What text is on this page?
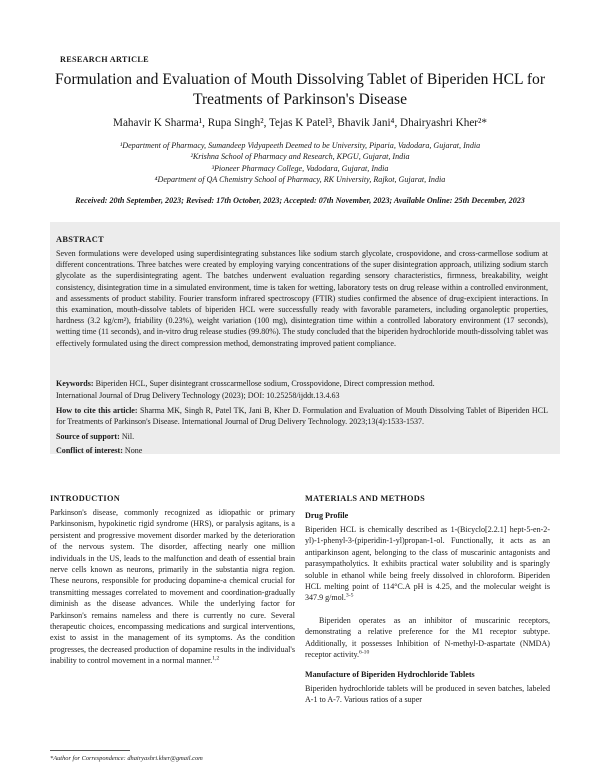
RESEARCH ARTICLE
Formulation and Evaluation of Mouth Dissolving Tablet of Biperiden HCL for Treatments of Parkinson's Disease
Mahavir K Sharma¹, Rupa Singh², Tejas K Patel³, Bhavik Jani⁴, Dhairyashri Kher²*
¹Department of Pharmacy, Sumandeep Vidyapeeth Deemed to be University, Piparia, Vadodara, Gujarat, India
²Krishna School of Pharmacy and Research, KPGU, Gujarat, India
³Pioneer Pharmacy College, Vadodara, Gujarat, India
⁴Department of QA Chemistry School of Pharmacy, RK University, Rajkot, Gujarat, India
Received: 20th September, 2023; Revised: 17th October, 2023; Accepted: 07th November, 2023; Available Online: 25th December, 2023
ABSTRACT
Seven formulations were developed using superdisintegrating substances like sodium starch glycolate, crospovidone, and cross-carmellose sodium at different concentrations. Three batches were created by employing varying concentrations of the super disintegration approach, utilizing sodium starch glycolate as the superdisintegrating agent. The batches underwent evaluation regarding sensory characteristics, firmness, breakability, weight consistency, disintegration time in a simulated environment, time is taken for wetting, laboratory tests on drug release within a controlled environment, and assessments of product stability. Fourier transform infrared spectroscopy (FTIR) studies confirmed the absence of drug-excipient interactions. In this examination, mouth-dissolve tablets of biperiden HCL were successfully ready with favorable parameters, including organoleptic properties, hardness (3.2 kg/cm²), friability (0.23%), weight variation (100 mg), disintegration time within a controlled laboratory environment (17 seconds), wetting time (11 seconds), and in-vitro drug release studies (99.80%). The study concluded that the biperiden hydrochloride mouth-dissolving tablet was effectively formulated using the direct compression method, demonstrating improved patient compliance.
Keywords: Biperiden HCL, Super disintegrant crosscarmellose sodium, Crosspovidone, Direct compression method.
International Journal of Drug Delivery Technology (2023); DOI: 10.25258/ijddt.13.4.63
How to cite this article: Sharma MK, Singh R, Patel TK, Jani B, Kher D. Formulation and Evaluation of Mouth Dissolving Tablet of Biperiden HCL for Treatments of Parkinson's Disease. International Journal of Drug Delivery Technology. 2023;13(4):1533-1537.
Source of support: Nil.
Conflict of interest: None
INTRODUCTION
Parkinson's disease, commonly recognized as idiopathic or primary Parkinsonism, hypokinetic rigid syndrome (HRS), or paralysis agitans, is a persistent and progressive movement disorder marked by the deterioration of the nervous system. The disorder, affecting nearly one million individuals in the US, leads to the malfunction and death of essential brain nerve cells known as neurons, primarily in the substantia nigra region. These neurons, responsible for producing dopamine-a chemical crucial for transmitting messages correlated to movement and coordination-gradually diminish as the disease advances. While the underlying factor for Parkinson's remains nameless and there is currently no cure. Several therapeutic choices, encompassing medications and surgical interventions, exist to assist in the management of its symptoms. As the condition progresses, the decreased production of dopamine results in the individual's inability to control movement in a normal manner.$^{1,2}$
MATERIALS AND METHODS
Drug Profile
Biperiden HCL is chemically described as 1-(Bicyclo[2.2.1] hept-5-en-2-yl)-1-phenyl-3-(piperidin-1-yl)propan-1-ol. Functionally, it acts as an antiparkinson agent, belonging to the class of muscarinic antagonists and parasympatholytics. It exhibits practical water solubility and is sparingly soluble in ethanol while being freely dissolved in chloroform. Biperiden HCL melting point of 114°C.A pH is 4.25, and the molecular weight is 347.9 g/mol.$^{3-5}$
Biperiden operates as an inhibitor of muscarinic receptors, demonstrating a relative preference for the M1 receptor subtype. Additionally, it possesses Inhibition of N-methyl-D-aspartate (NMDA) receptor activity.$^{6-10}$
Manufacture of Biperiden Hydrochloride Tablets
Biperiden hydrochloride tablets will be produced in seven batches, labeled A-1 to A-7. Various ratios of a super
*Author for Correspondence: dhairyashri.kher@gmail.com
